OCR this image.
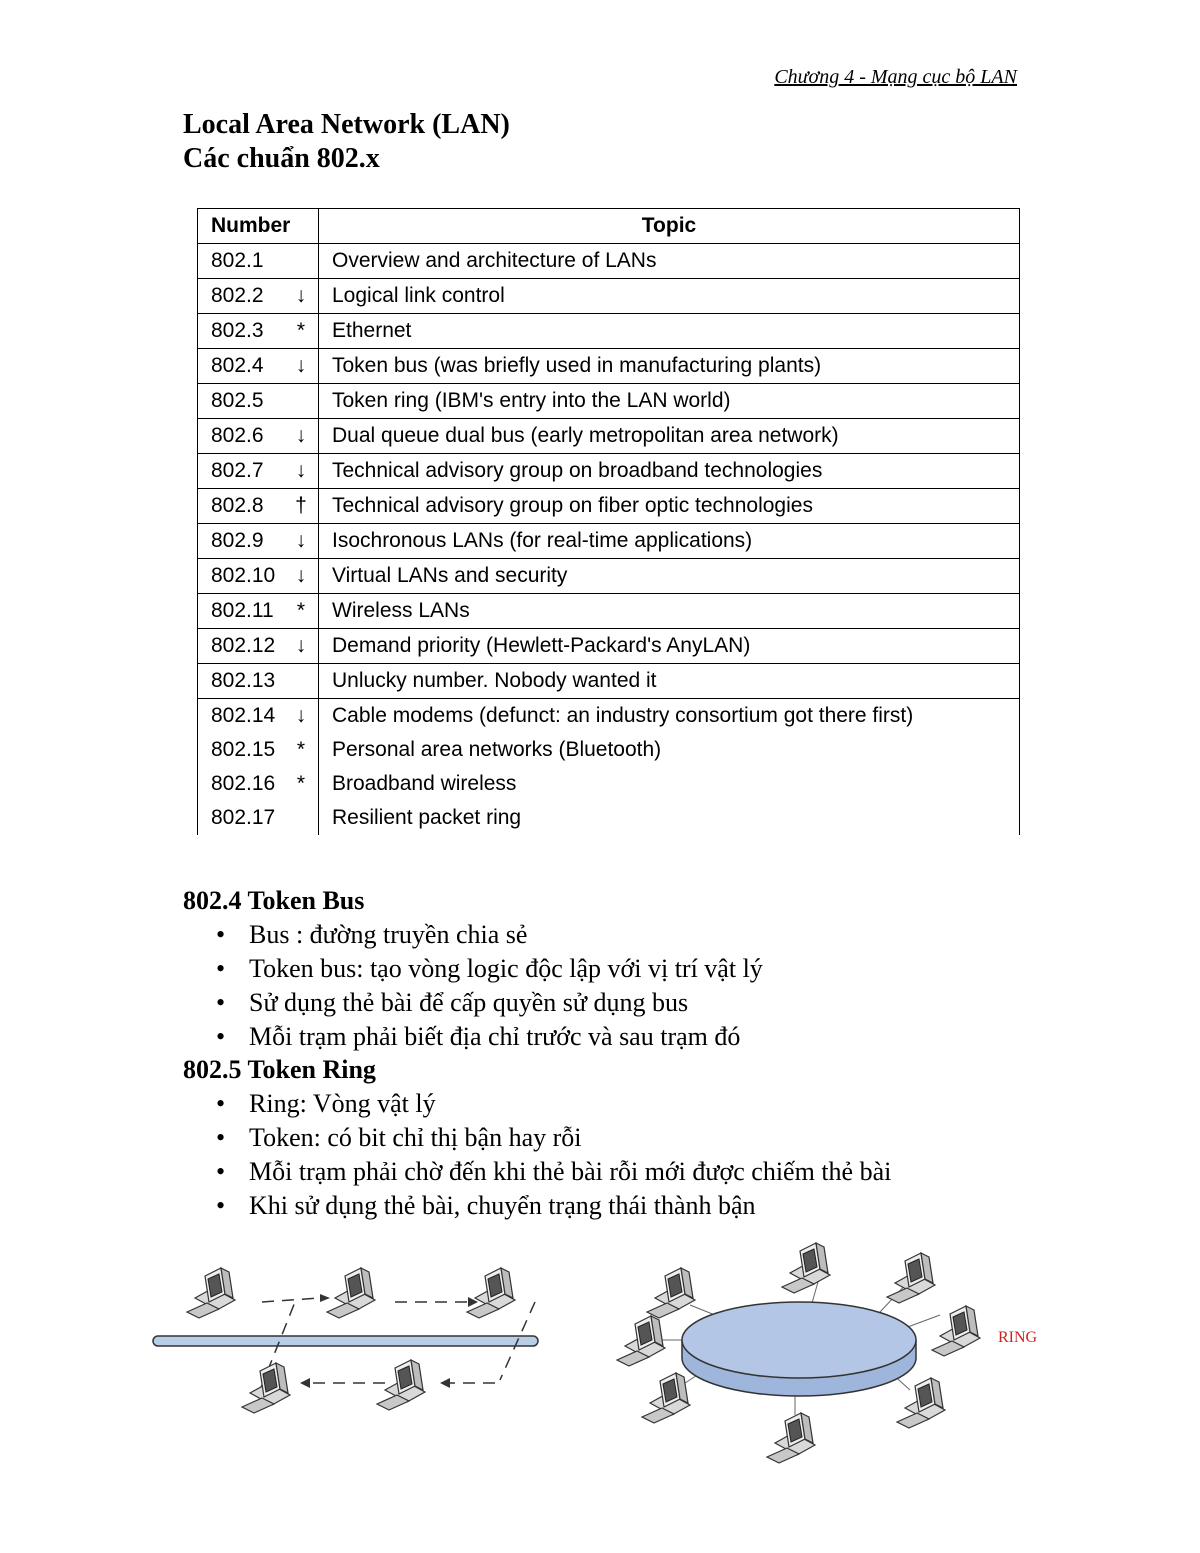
Chương 4 - Mạng cục bộ LAN
Local Area Network (LAN)
Các chuẩn 802.x
Number	Topic
802.1	Overview and architecture of LANs
802.2 ↓	Logical link control
802.3 *	Ethernet
802.4 ↓	Token bus (was briefly used in manufacturing plants)
802.5	Token ring (IBM's entry into the LAN world)
802.6 ↓	Dual queue dual bus (early metropolitan area network)
802.7 ↓	Technical advisory group on broadband technologies
802.8 †	Technical advisory group on fiber optic technologies
802.9 ↓	Isochronous LANs (for real-time applications)
802.10 ↓	Virtual LANs and security
802.11 *	Wireless LANs
802.12 ↓	Demand priority (Hewlett-Packard's AnyLAN)
802.13	Unlucky number. Nobody wanted it
802.14 ↓	Cable modems (defunct: an industry consortium got there first)
802.15 *	Personal area networks (Bluetooth)
802.16 *	Broadband wireless
802.17	Resilient packet ring
802.4 Token Bus
• Bus : đường truyền chia sẻ
• Token bus: tạo vòng logic độc lập với vị trí vật lý
• Sử dụng thẻ bài để cấp quyền sử dụng bus
• Mỗi trạm phải biết địa chỉ trước và sau trạm đó
802.5 Token Ring
• Ring: Vòng vật lý
• Token: có bit chỉ thị bận hay rỗi
• Mỗi trạm phải chờ đến khi thẻ bài rỗi mới được chiếm thẻ bài
• Khi sử dụng thẻ bài, chuyển trạng thái thành bận
RING
